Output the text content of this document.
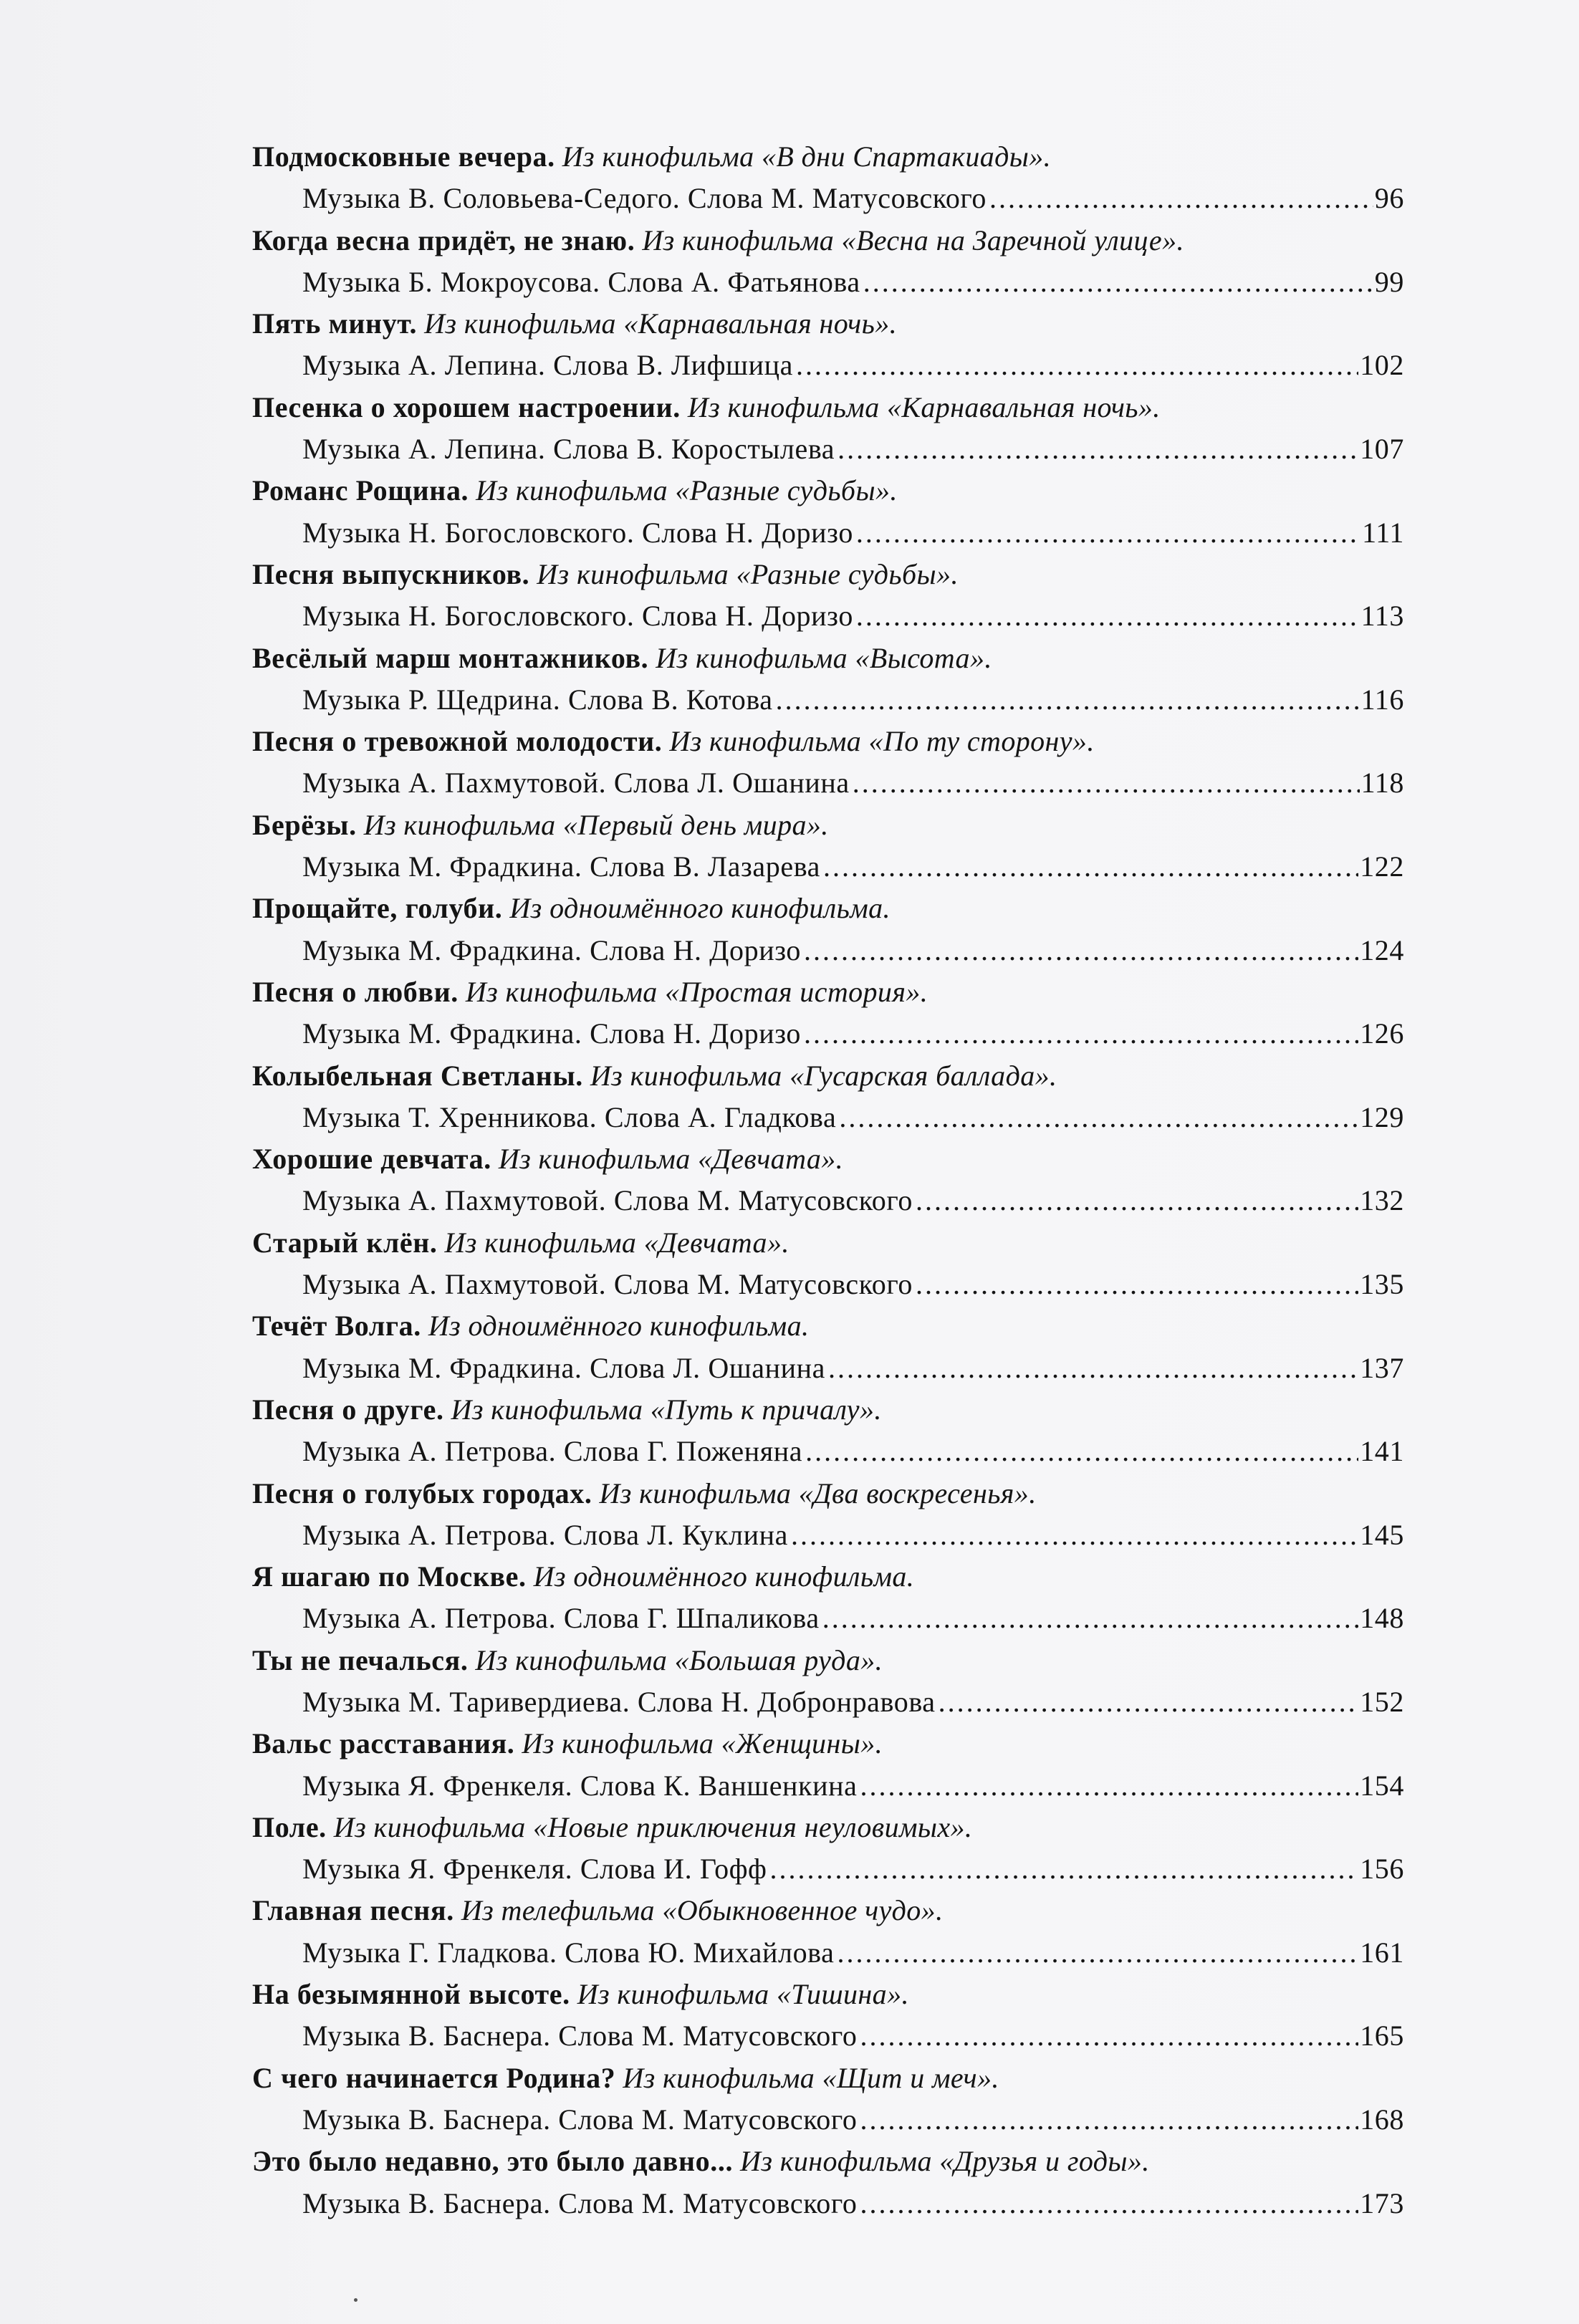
Подмосковные вечера. Из кинофильма «В дни Спартакиады».
Музыка В. Соловьева-Седого. Слова М. Матусовского .....	96
Когда весна придёт, не знаю. Из кинофильма «Весна на Заречной улице».
Музыка Б. Мокроусова. Слова А. Фатьянова .....	99
Пять минут. Из кинофильма «Карнавальная ночь».
Музыка А. Лепина. Слова В. Лифшица .....	102
Песенка о хорошем настроении. Из кинофильма «Карнавальная ночь».
Музыка А. Лепина. Слова В. Коростылева .....	107
Романс Рощина. Из кинофильма «Разные судьбы».
Музыка Н. Богословского. Слова Н. Доризо .....	111
Песня выпускников. Из кинофильма «Разные судьбы».
Музыка Н. Богословского. Слова Н. Доризо .....	113
Весёлый марш монтажников. Из кинофильма «Высота».
Музыка Р. Щедрина. Слова В. Котова .....	116
Песня о тревожной молодости. Из кинофильма «По ту сторону».
Музыка А. Пахмутовой. Слова Л. Ошанина .....	118
Берёзы. Из кинофильма «Первый день мира».
Музыка М. Фрадкина. Слова В. Лазарева .....	122
Прощайте, голуби. Из одноимённого кинофильма.
Музыка М. Фрадкина. Слова Н. Доризо .....	124
Песня о любви. Из кинофильма «Простая история».
Музыка М. Фрадкина. Слова Н. Доризо .....	126
Колыбельная Светланы. Из кинофильма «Гусарская баллада».
Музыка Т. Хренникова. Слова А. Гладкова .....	129
Хорошие девчата. Из кинофильма «Девчата».
Музыка А. Пахмутовой. Слова М. Матусовского .....	132
Старый клён. Из кинофильма «Девчата».
Музыка А. Пахмутовой. Слова М. Матусовского .....	135
Течёт Волга. Из одноимённого кинофильма.
Музыка М. Фрадкина. Слова Л. Ошанина .....	137
Песня о друге. Из кинофильма «Путь к причалу».
Музыка А. Петрова. Слова Г. Поженяна .....	141
Песня о голубых городах. Из кинофильма «Два воскресенья».
Музыка А. Петрова. Слова Л. Куклина .....	145
Я шагаю по Москве. Из одноимённого кинофильма.
Музыка А. Петрова. Слова Г. Шпаликова .....	148
Ты не печалься. Из кинофильма «Большая руда».
Музыка М. Таривердиева. Слова Н. Добронравова .....	152
Вальс расставания. Из кинофильма «Женщины».
Музыка Я. Френкеля. Слова К. Ваншенкина .....	154
Поле. Из кинофильма «Новые приключения неуловимых».
Музыка Я. Френкеля. Слова И. Гофф .....	156
Главная песня. Из телефильма «Обыкновенное чудо».
Музыка Г. Гладкова. Слова Ю. Михайлова .....	161
На безымянной высоте. Из кинофильма «Тишина».
Музыка В. Баснера. Слова М. Матусовского .....	165
С чего начинается Родина? Из кинофильма «Щит и меч».
Музыка В. Баснера. Слова М. Матусовского .....	168
Это было недавно, это было давно... Из кинофильма «Друзья и годы».
Музыка В. Баснера. Слова М. Матусовского .....	173
